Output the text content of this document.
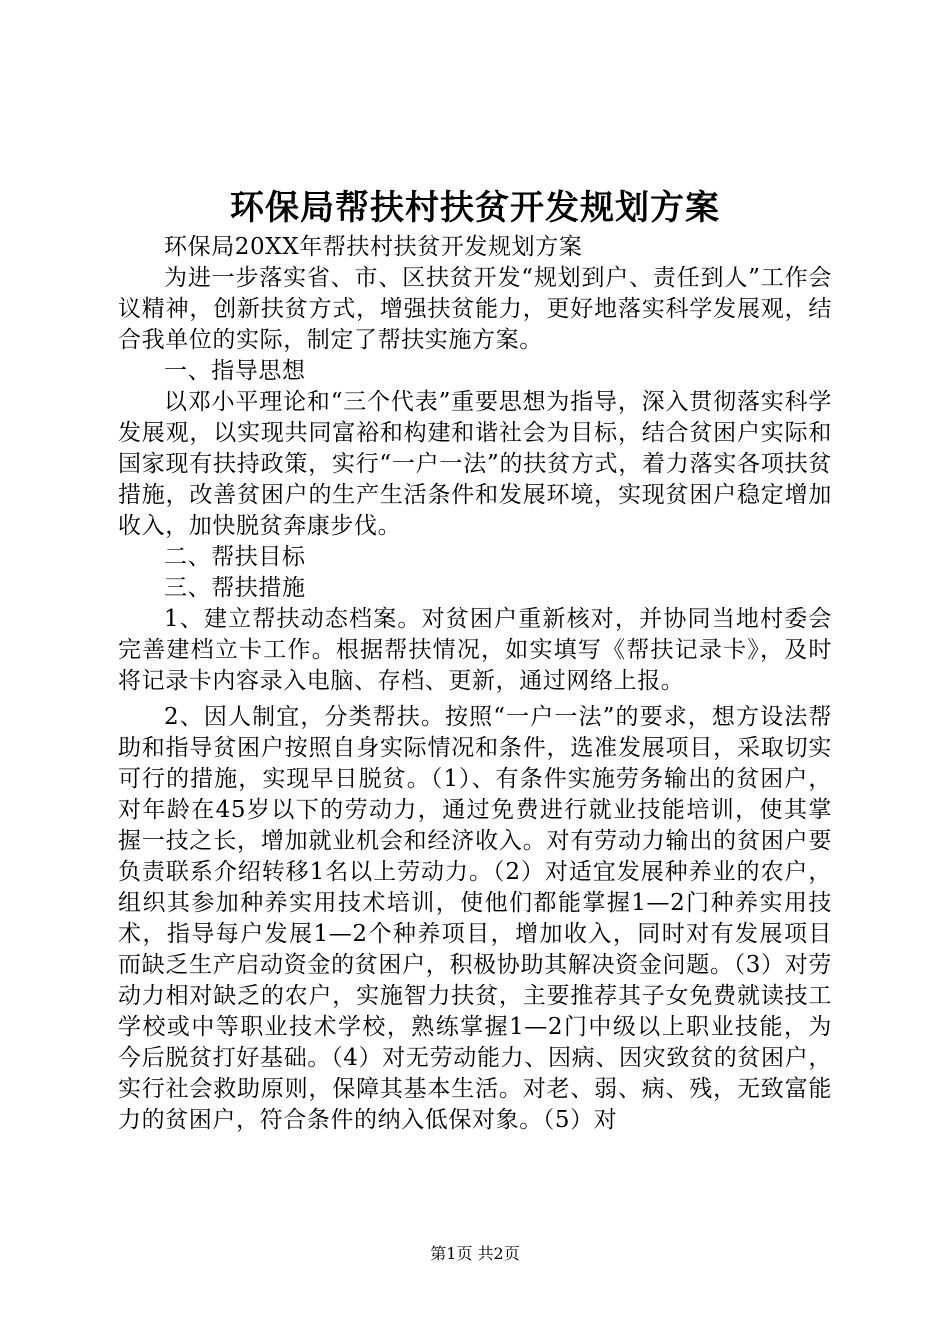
环保局帮扶村扶贫开发规划方案

环保局20XX年帮扶村扶贫开发规划方案

为进一步落实省、市、区扶贫开发“规划到户、责任到人”工作会议精神，创新扶贫方式，增强扶贫能力，更好地落实科学发展观，结合我单位的实际，制定了帮扶实施方案。

一、指导思想

以邓小平理论和“三个代表”重要思想为指导，深入贯彻落实科学发展观，以实现共同富裕和构建和谐社会为目标，结合贫困户实际和国家现有扶持政策，实行“一户一法”的扶贫方式，着力落实各项扶贫措施，改善贫困户的生产生活条件和发展环境，实现贫困户稳定增加收入，加快脱贫奔康步伐。

二、帮扶目标

三、帮扶措施

1、建立帮扶动态档案。对贫困户重新核对，并协同当地村委会完善建档立卡工作。根据帮扶情况，如实填写《帮扶记录卡》，及时将记录卡内容录入电脑、存档、更新，通过网络上报。

2、因人制宜，分类帮扶。按照“一户一法”的要求，想方设法帮助和指导贫困户按照自身实际情况和条件，选准发展项目，采取切实可行的措施，实现早日脱贫。（1）、有条件实施劳务输出的贫困户，对年龄在45岁以下的劳动力，通过免费进行就业技能培训，使其掌握一技之长，增加就业机会和经济收入。对有劳动力输出的贫困户要负责联系介绍转移1名以上劳动力。（2）对适宜发展种养业的农户，组织其参加种养实用技术培训，使他们都能掌握1—2门种养实用技术，指导每户发展1—2个种养项目，增加收入，同时对有发展项目而缺乏生产启动资金的贫困户，积极协助其解决资金问题。（3）对劳动力相对缺乏的农户，实施智力扶贫，主要推荐其子女免费就读技工学校或中等职业技术学校，熟练掌握1—2门中级以上职业技能，为今后脱贫打好基础。（4）对无劳动能力、因病、因灾致贫的贫困户，实行社会救助原则，保障其基本生活。对老、弱、病、残，无致富能力的贫困户，符合条件的纳入低保对象。（5）对

第1页 共2页
